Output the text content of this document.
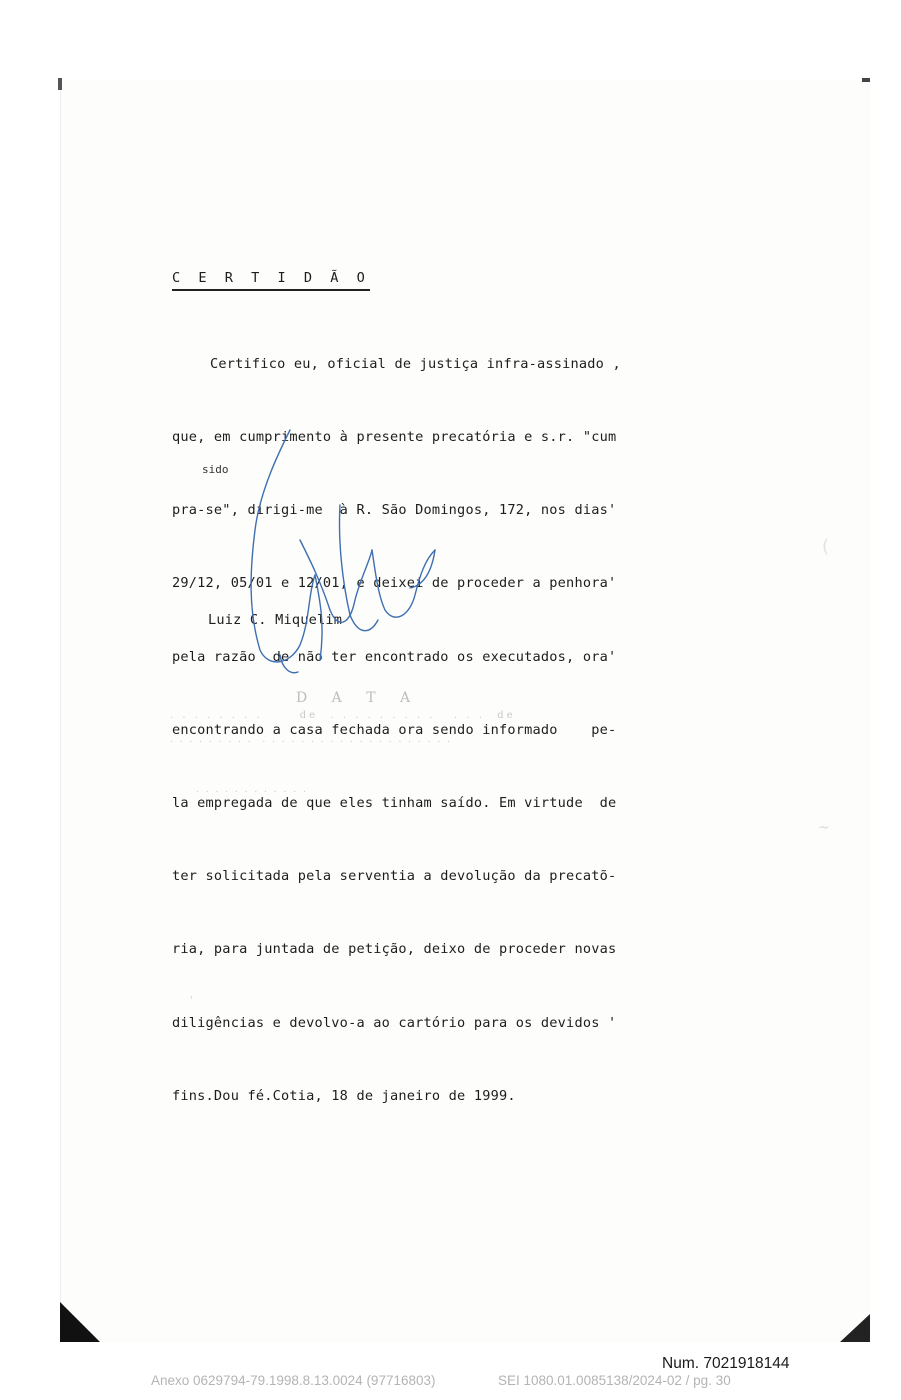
C E R T I D Ã O

Certifico eu, oficial de justiça infra-assinado ,

que, em cumprimento à presente precatória e s.r. "cum

pra-se", dirigi-me  à R. São Domingos, 172, nos dias'

29/12, 05/01 e 12/01, e deixei de proceder a penhora'

pela razão  de não ter encontrado os executados, ora'

encontrando a casa fechada ora sendo informado    pe-

la empregada de que eles tinham saído. Em virtude  de

ter solicitada pela serventia a devolução da precatõ-

ria, para juntada de petição, deixo de proceder novas

diligências e devolvo-a ao cartório para os devidos '

fins.Dou fé.Cotia, 18 de janeiro de 1999.

sido
Luiz C. Miquelim
D A T A
. . . . . . . .      de  . . . . . . . . .   . . .  de
. . . . . . . . .  . . . . . . . . . . . . . . . . . . . .
. . . . . . . . . . . .
(
~
'
Num. 7021918144
Anexo 0629794-79.1998.8.13.0024 (97716803)	SEI 1080.01.0085138/2024-02 / pg. 30
